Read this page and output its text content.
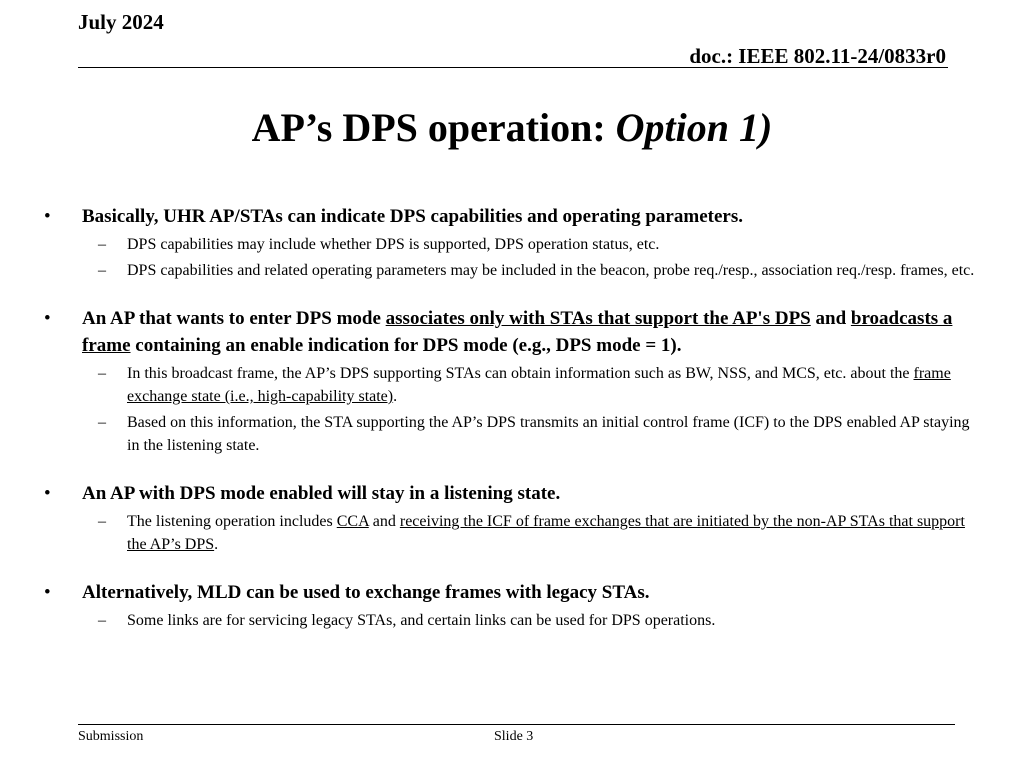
July 2024
doc.: IEEE 802.11-24/0833r0
AP’s DPS operation: Option 1)
• Basically, UHR AP/STAs can indicate DPS capabilities and operating parameters.
– DPS capabilities may include whether DPS is supported, DPS operation status, etc.
– DPS capabilities and related operating parameters may be included in the beacon, probe req./resp., association req./resp. frames, etc.
• An AP that wants to enter DPS mode associates only with STAs that support the AP's DPS and broadcasts a frame containing an enable indication for DPS mode (e.g., DPS mode = 1).
– In this broadcast frame, the AP’s DPS supporting STAs can obtain information such as BW, NSS, and MCS, etc. about the frame exchange state (i.e., high-capability state).
– Based on this information, the STA supporting the AP’s DPS transmits an initial control frame (ICF) to the DPS enabled AP staying in the listening state.
• An AP with DPS mode enabled will stay in a listening state.
– The listening operation includes CCA and receiving the ICF of frame exchanges that are initiated by the non-AP STAs that support the AP’s DPS.
• Alternatively, MLD can be used to exchange frames with legacy STAs.
– Some links are for servicing legacy STAs, and certain links can be used for DPS operations.
Submission	Slide 3
